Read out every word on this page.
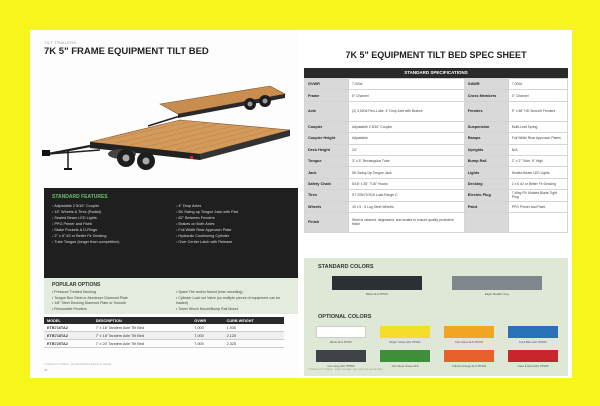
TILT TRAILERS
7K 5" FRAME EQUIPMENT TILT BED
STANDARD FEATURES
• Adjustable 2 5/16" Coupler
• 15" Wheels & Tires (Radial)
• Sealed Beam LED Lights
• PPG Primer and Paint
• Stake Pockets & D-Rings
• 2" x 6" #2 or Better Fir Decking
• Tube Tongue (longer than competition)
• 4" Drop Axles
• 5K Swing-up Tongue Jack with Pad
• 82" Between Fenders
• Brakes on Both Axles
• Full Width Rear Approach Plate
• Hydraulic Cushioning Cylinder
• Over Center Latch with Release
POPULAR OPTIONS
• Pressure Treated Decking
• Tongue Box Steel or Aluminum Diamond Plate
• 1/8" Steel Decking Diamond Plate or Smooth
• Removable Fenders
• Spare Tire and/or Mount (rear mounting)
• Cylinder Lock out Valve (so multiple pieces of equipment can be loaded)
• Tower Winch Mount/Bump Rail Mount
MODEL	DESCRIPTION	GVWR	CURB WEIGHT
ETB716TA2	7' x 16' Tandem Axle Tilt Bed	7,000	1,930
ETB718TA2	7' x 18' Tandem Axle Tilt Bed	7,000	2,125
ETB720TA2	7' x 20' Tandem Axle Tilt Bed	7,000	2,325
© Diamond C Trailers · All specifications subject to change
40
7K 5" EQUIPMENT TILT BED SPEC SHEET
STANDARD SPECIFICATIONS
GVWR	7,000#	GAWR	7,000#
Frame	5" Channel	Cross Members	3" Channel
Axle	(2) 3,500# Flex-Lube, 4" Drop Axle with Brakes	Fenders	9" x 66" HD Smooth Fenders
Coupler	Adjustable 2 5/16" Coupler	Suspension	Multi-Leaf Spring
Coupler Height	Adjustable	Ramps	Full Width Rear Approach Plates
Deck Height	24"	Uprights	N/A
Tongue	3" x 5" Rectangular Tube	Bump Rail	2" x 2" Tube, 6" High
Jack	5K Swing-Up Tongue Jack	Lights	Sealed Beam LED Lights
Safety Chain	5/16" x 35" 7/16" Hooks	Decking	2 x 6 #2 or Better Fir Decking
Tires	ST 205/75 R15 Load Range C	Electric Plug	7-Way RV Molded Blade Tight Plug
Wheels	15 x 5 - 6 Lug Steel Wheels	Paint	PPG Primer and Paint
Finish	Steel is cleaned, degreased, and sealed to ensure quality protective finish		
STANDARD COLORS
Black ALK PP501	Eagle Metallic Gray
OPTIONAL COLORS
White ALK PP407	Bright Yellow ALK PP402	Cat Yellow ALK PP401	Ford Blue ALK PP406
Gun Gray ALK PP505	John Deer Green ALK	Kubota Orange ALK PP403	Case IH Red ALK PP405
© Diamond C Trailers · Color samples may vary from actual paint
